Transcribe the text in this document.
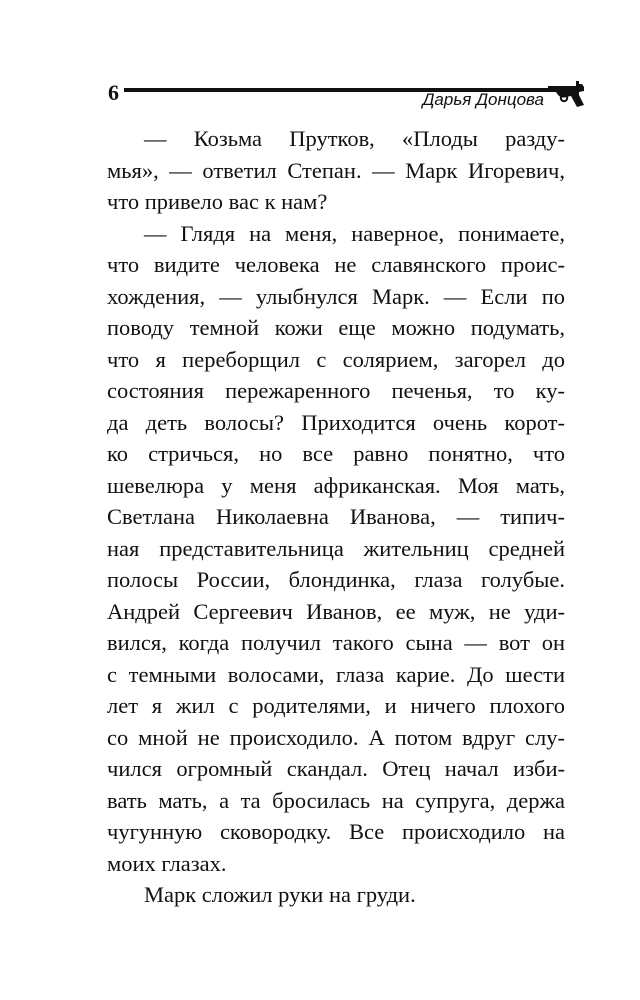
6	Дарья Донцова
— Козьма Прутков, «Плоды разду-
мья», — ответил Степан. — Марк Игоревич,
что привело вас к нам?
— Глядя на меня, наверное, понимаете,
что видите человека не славянского проис-
хождения, — улыбнулся Марк. — Если по
поводу темной кожи еще можно подумать,
что я переборщил с солярием, загорел до
состояния пережаренного печенья, то ку-
да деть волосы? Приходится очень корот-
ко стричься, но все равно понятно, что
шевелюра у меня африканская. Моя мать,
Светлана Николаевна Иванова, — типич-
ная представительница жительниц средней
полосы России, блондинка, глаза голубые.
Андрей Сергеевич Иванов, ее муж, не уди-
вился, когда получил такого сына — вот он
с темными волосами, глаза карие. До шести
лет я жил с родителями, и ничего плохого
со мной не происходило. А потом вдруг слу-
чился огромный скандал. Отец начал изби-
вать мать, а та бросилась на супруга, держа
чугунную сковородку. Все происходило на
моих глазах.
Марк сложил руки на груди.
